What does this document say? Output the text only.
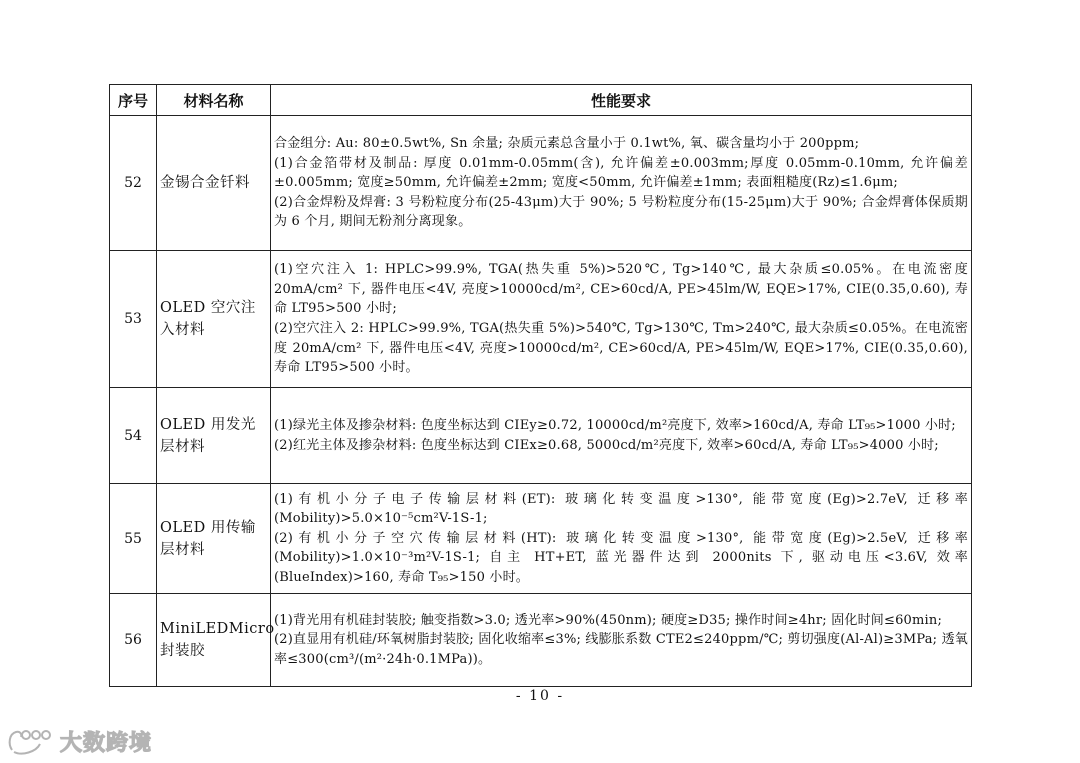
序号	材料名称	性能要求
52	金锡合金钎料	合金组分: Au: 80±0.5wt%, Sn 余量; 杂质元素总含量小于 0.1wt%, 氧、碳含量均小于 200ppm;
(1)合金箔带材及制品: 厚度 0.01mm-0.05mm(含), 允许偏差±0.003mm;厚度 0.05mm-0.10mm, 允许偏差±0.005mm; 宽度≥50mm, 允许偏差±2mm; 宽度<50mm, 允许偏差±1mm; 表面粗糙度(Rz)≤1.6μm;
(2)合金焊粉及焊膏: 3 号粉粒度分布(25-43μm)大于 90%; 5 号粉粒度分布(15-25μm)大于 90%; 合金焊膏体保质期为 6 个月, 期间无粉剂分离现象。

53	OLED 空穴注入材料	(1)空穴注入 1: HPLC>99.9%, TGA(热失重 5%)>520℃, Tg>140℃, 最大杂质≤0.05%。在电流密度 20mA/cm² 下, 器件电压<4V, 亮度>10000cd/m², CE>60cd/A, PE>45lm/W, EQE>17%, CIE(0.35,0.60), 寿命 LT95>500 小时;
(2)空穴注入 2: HPLC>99.9%, TGA(热失重 5%)>540℃, Tg>130℃, Tm>240℃, 最大杂质≤0.05%。在电流密度 20mA/cm² 下, 器件电压<4V, 亮度>10000cd/m², CE>60cd/A, PE>45lm/W, EQE>17%, CIE(0.35,0.60), 寿命 LT95>500 小时。

54	OLED 用发光层材料	(1)绿光主体及掺杂材料: 色度坐标达到 CIEy≥0.72, 10000cd/m²亮度下, 效率>160cd/A, 寿命 LT₉₅>1000 小时;
(2)红光主体及掺杂材料: 色度坐标达到 CIEx≥0.68, 5000cd/m²亮度下, 效率>60cd/A, 寿命 LT₉₅>4000 小时;

55	OLED 用传输层材料	(1)有机小分子电子传输层材料(ET): 玻璃化转变温度>130°, 能带宽度(Eg)>2.7eV, 迁移率(Mobility)>5.0×10⁻⁵cm²V-1S-1;
(2)有机小分子空穴传输层材料(HT): 玻璃化转变温度>130°, 能带宽度(Eg)>2.5eV, 迁移率(Mobility)>1.0×10⁻³m²V-1S-1; 自主 HT+ET, 蓝光器件达到 2000nits 下, 驱动电压<3.6V, 效率(BlueIndex)>160, 寿命 T₉₅>150 小时。

56	MiniLEDMicro 封装胶	(1)背光用有机硅封装胶; 触变指数>3.0; 透光率>90%(450nm); 硬度≥D35; 操作时间≥4hr; 固化时间≤60min;
(2)直显用有机硅/环氧树脂封装胶; 固化收缩率≤3%; 线膨胀系数 CTE2≤240ppm/℃; 剪切强度(Al-Al)≥3MPa; 透氧率≤300(cm³/(m²·24h·0.1MPa))。
- 10 -
大数跨境
